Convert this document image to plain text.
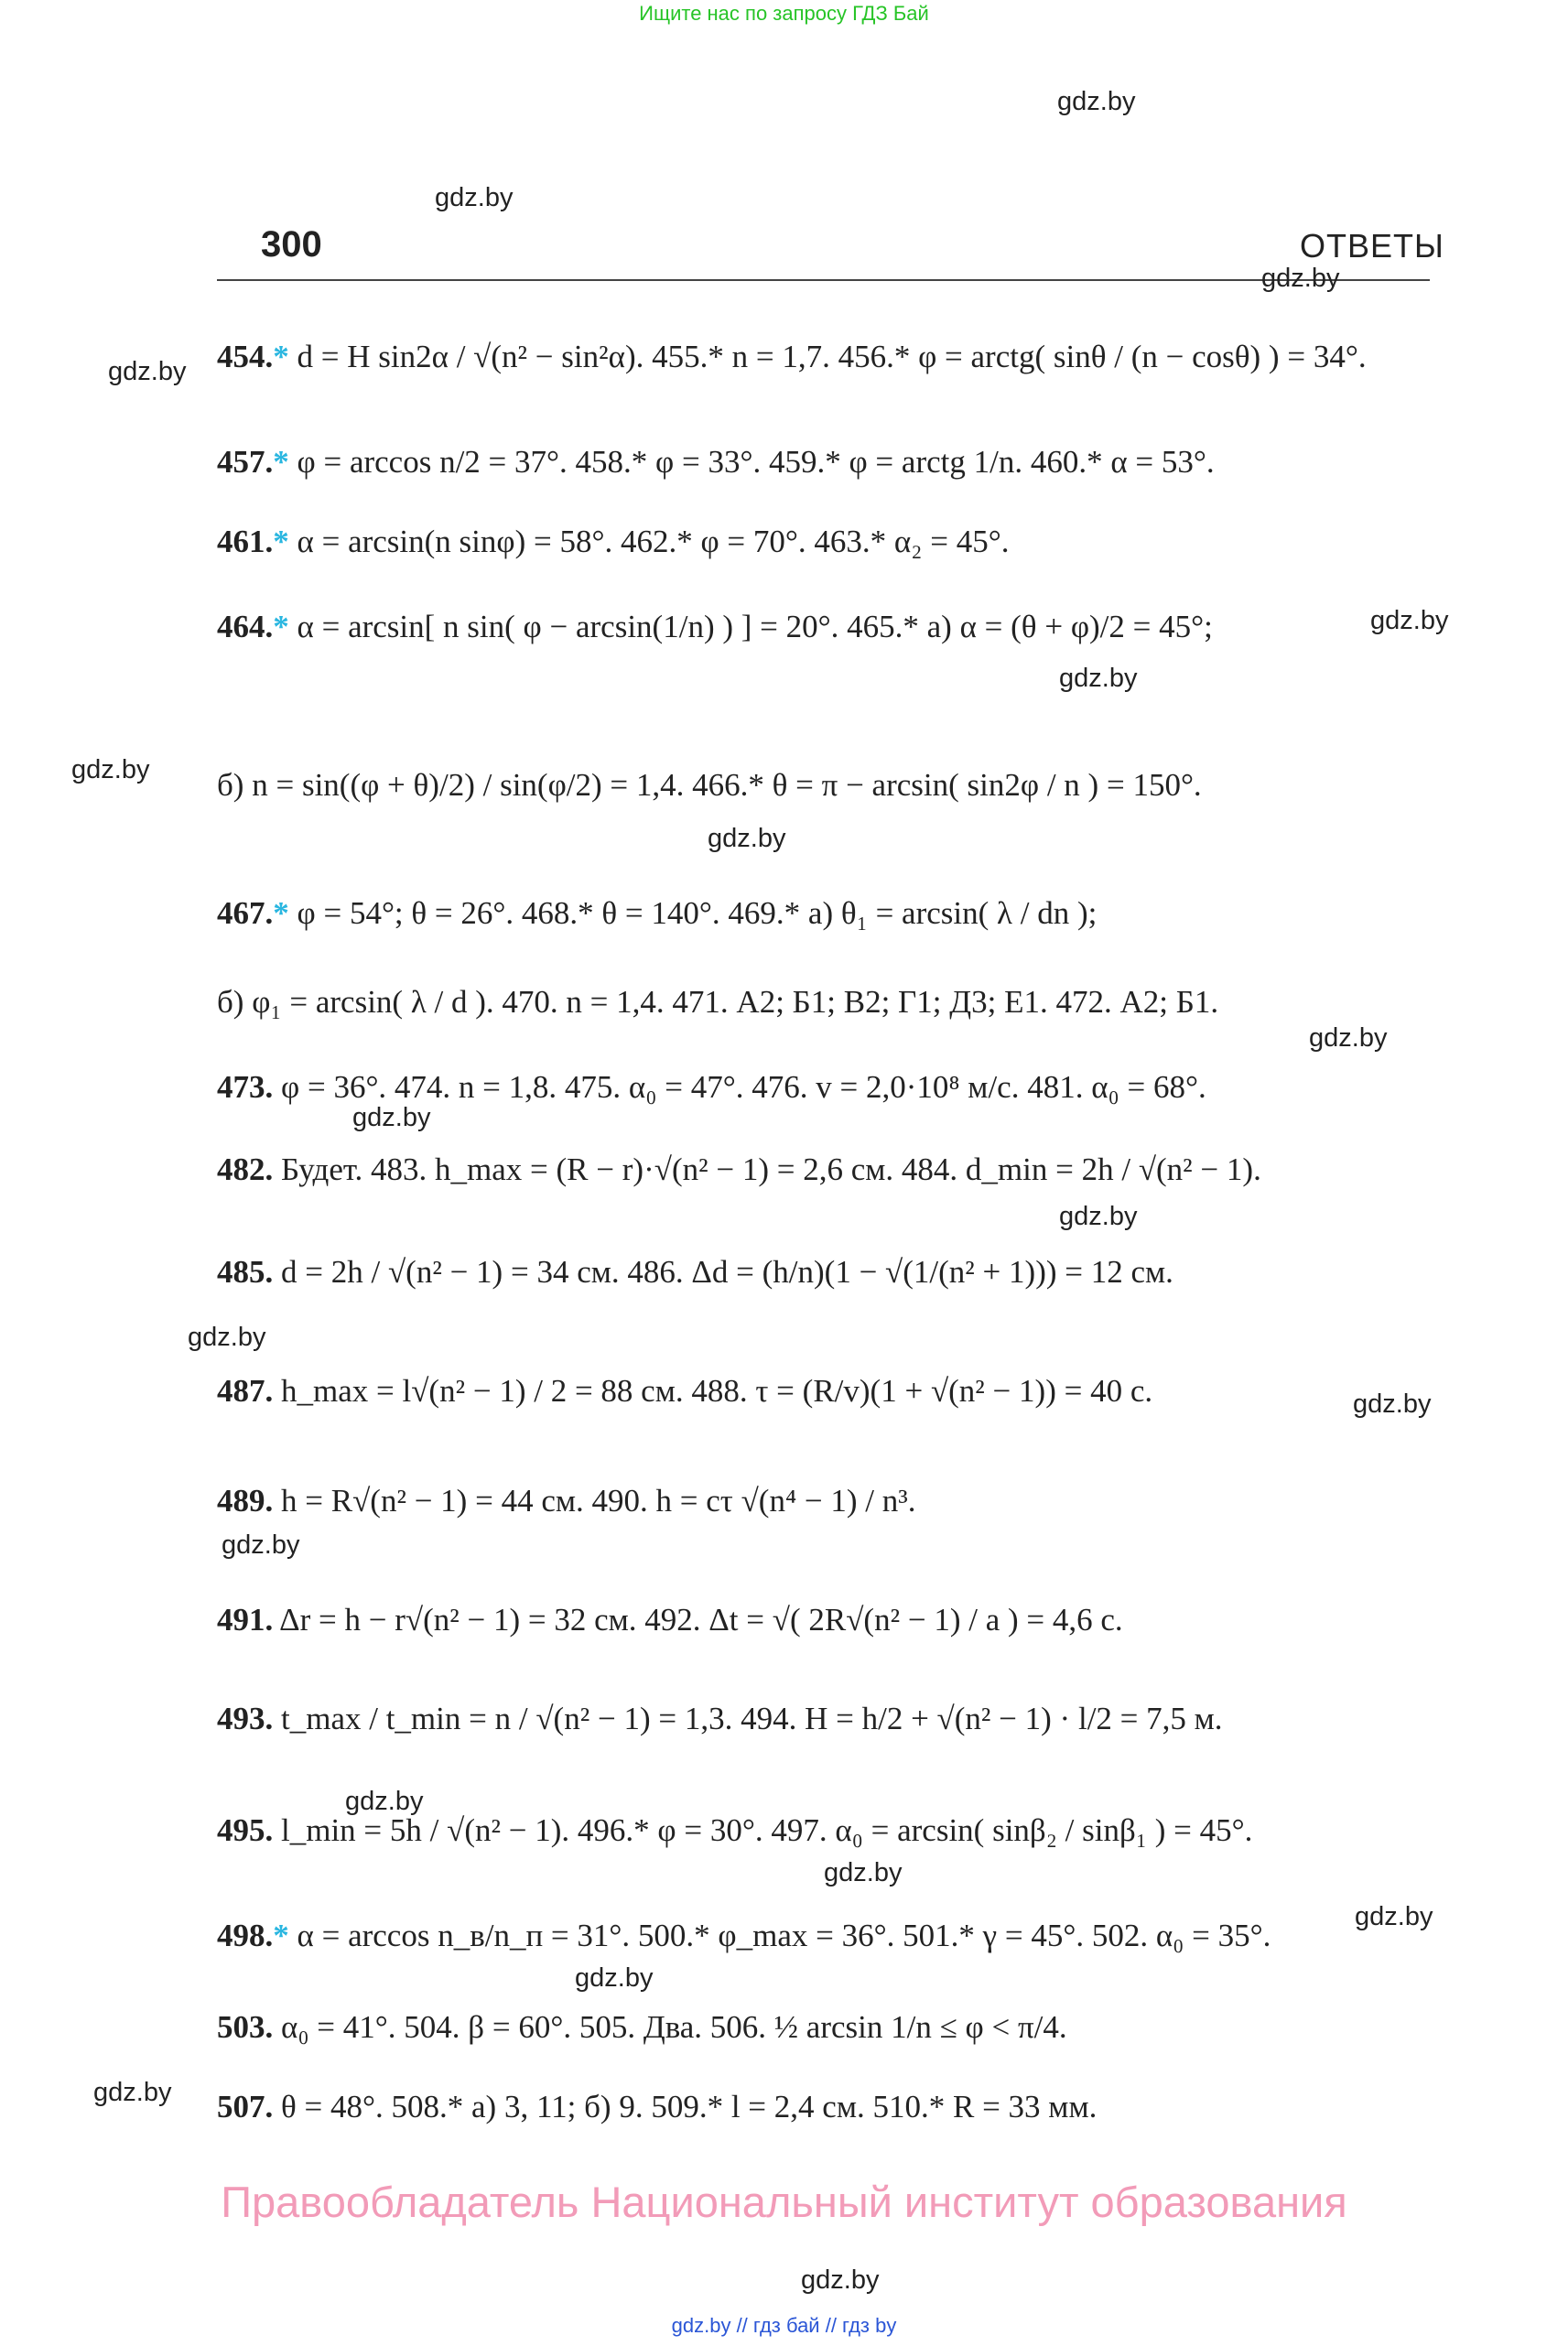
Ищите нас по запросу ГДЗ Бай
gdz.by
gdz.by
300	ОТВЕТЫ
gdz.by
gdz.by
gdz.by
gdz.by
gdz.by
gdz.by
gdz.by
gdz.by
gdz.by
gdz.by
gdz.by
gdz.by
gdz.by
gdz.by
gdz.by
gdz.by
gdz.by
454.* d = H sin2α / √(n² − sin²α). 455.* n = 1,7. 456.* φ = arctg( sinθ / (n − cosθ) ) = 34°.
457.* φ = arccos n/2 = 37°. 458.* φ = 33°. 459.* φ = arctg 1/n. 460.* α = 53°.
461.* α = arcsin(n sinφ) = 58°. 462.* φ = 70°. 463.* α₂ = 45°.
464.* α = arcsin[ n sin( φ − arcsin(1/n) ) ] = 20°. 465.* а) α = (θ + φ)/2 = 45°;
б) n = sin((φ + θ)/2) / sin(φ/2) = 1,4. 466.* θ = π − arcsin( sin2φ / n ) = 150°.
467.* φ = 54°; θ = 26°. 468.* θ = 140°. 469.* а) θ₁ = arcsin( λ / dn );
б) φ₁ = arcsin( λ / d ). 470. n = 1,4. 471. А2; Б1; В2; Г1; Д3; Е1. 472. А2; Б1.
473. φ = 36°. 474. n = 1,8. 475. α₀ = 47°. 476. v = 2,0·10⁸ м/с. 481. α₀ = 68°.
482. Будет. 483. h_max = (R − r)·√(n² − 1) = 2,6 см. 484. d_min = 2h / √(n² − 1).
485. d = 2h / √(n² − 1) = 34 см. 486. Δd = (h/n)(1 − √(1/(n² + 1))) = 12 см.
487. h_max = l√(n² − 1) / 2 = 88 см. 488. τ = (R/v)(1 + √(n² − 1)) = 40 с.
489. h = R√(n² − 1) = 44 см. 490. h = cτ √(n⁴ − 1) / n³.
491. Δr = h − r√(n² − 1) = 32 см. 492. Δt = √( 2R√(n² − 1) / a ) = 4,6 с.
493. t_max / t_min = n / √(n² − 1) = 1,3. 494. H = h/2 + √(n² − 1) · l/2 = 7,5 м.
495. l_min = 5h / √(n² − 1). 496.* φ = 30°. 497. α₀ = arcsin( sinβ₂ / sinβ₁ ) = 45°.
498.* α = arccos n_в/n_п = 31°. 500.* φ_max = 36°. 501.* γ = 45°. 502. α₀ = 35°.
503. α₀ = 41°. 504. β = 60°. 505. Два. 506. ½ arcsin 1/n ≤ φ < π/4.
507. θ = 48°. 508.* а) 3, 11; б) 9. 509.* l = 2,4 см. 510.* R = 33 мм.
Правообладатель Национальный институт образования
gdz.by
gdz.by // гдз бай // гдз by
